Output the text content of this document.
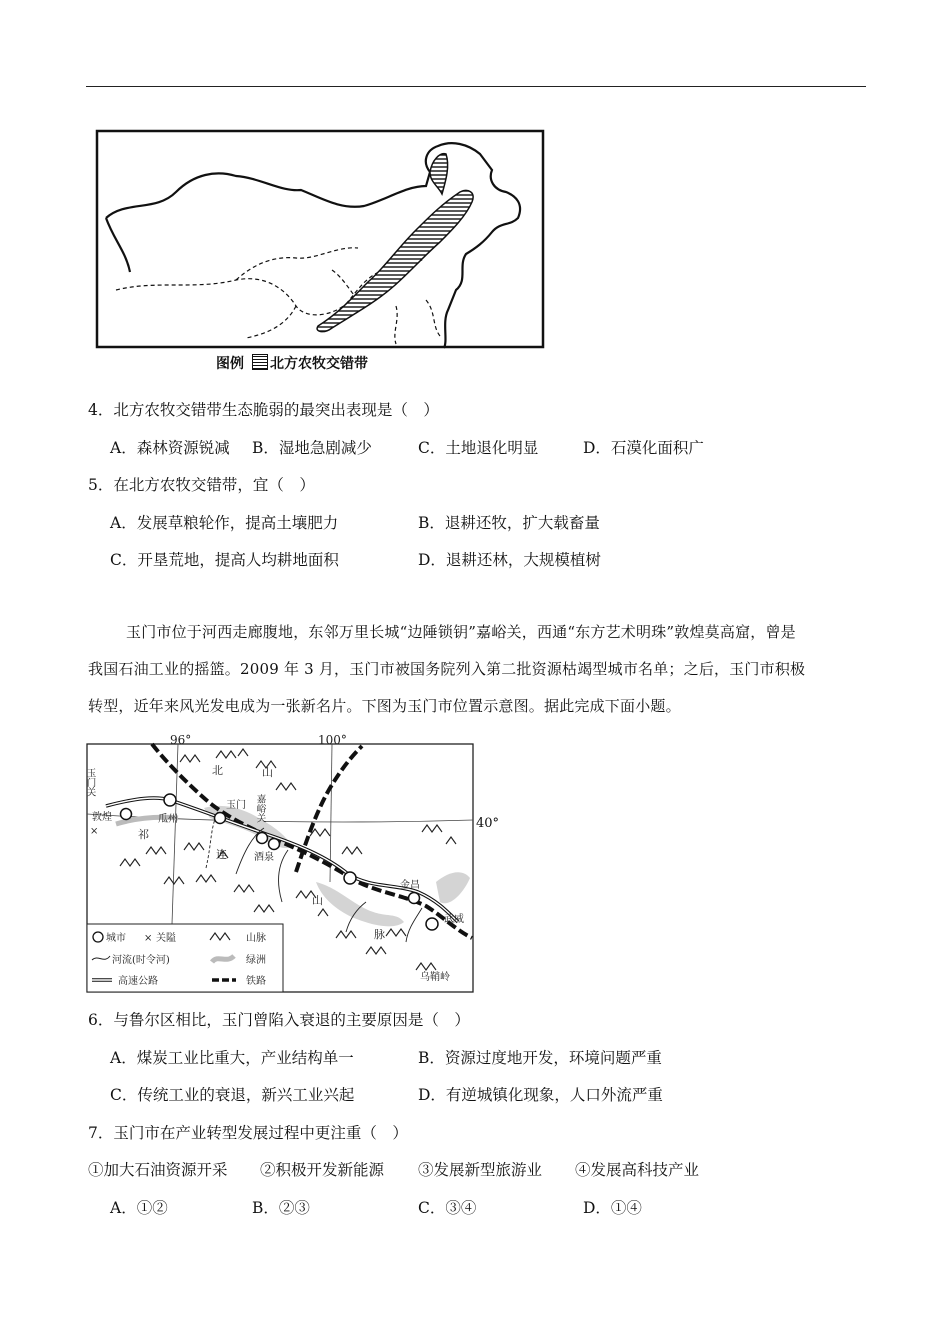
图例 北方农牧交错带
4．北方农牧交错带生态脆弱的最突出表现是（　）
A．森林资源锐减 B．湿地急剧减少	C．土地退化明显	D．石漠化面积广
5．在北方农牧交错带，宜（　）
A．发展草粮轮作，提高土壤肥力	B．退耕还牧，扩大载畜量
C．开垦荒地，提高人均耕地面积	D．退耕还林，大规模植树
玉门市位于河西走廊腹地，东邻万里长城“边陲锁钥”嘉峪关，西通“东方艺术明珠”敦煌莫高窟，曾是
我国石油工业的摇篮。2009 年 3 月，玉门市被国务院列入第二批资源枯竭型城市名单；之后，玉门市积极
转型，近年来风光发电成为一张新名片。下图为玉门市位置示意图。据此完成下面小题。
×
96°	100°
玉门关
敦煌	瓜州
玉门 嘉峪关
酒泉
金昌
武威
乌鞘岭
北	山
祁
连
山
脉
城市 × 关隘	山脉
河流(时令河)	绿洲
高速公路	铁路
40°
6．与鲁尔区相比，玉门曾陷入衰退的主要原因是（　）
A．煤炭工业比重大，产业结构单一	B．资源过度地开发，环境问题严重
C．传统工业的衰退，新兴工业兴起	D．有逆城镇化现象，人口外流严重
7．玉门市在产业转型发展过程中更注重（　）
①加大石油资源开采 ②积极开发新能源 ③发展新型旅游业 ④发展高科技产业
A．①②	B．②③	C．③④	D．①④
